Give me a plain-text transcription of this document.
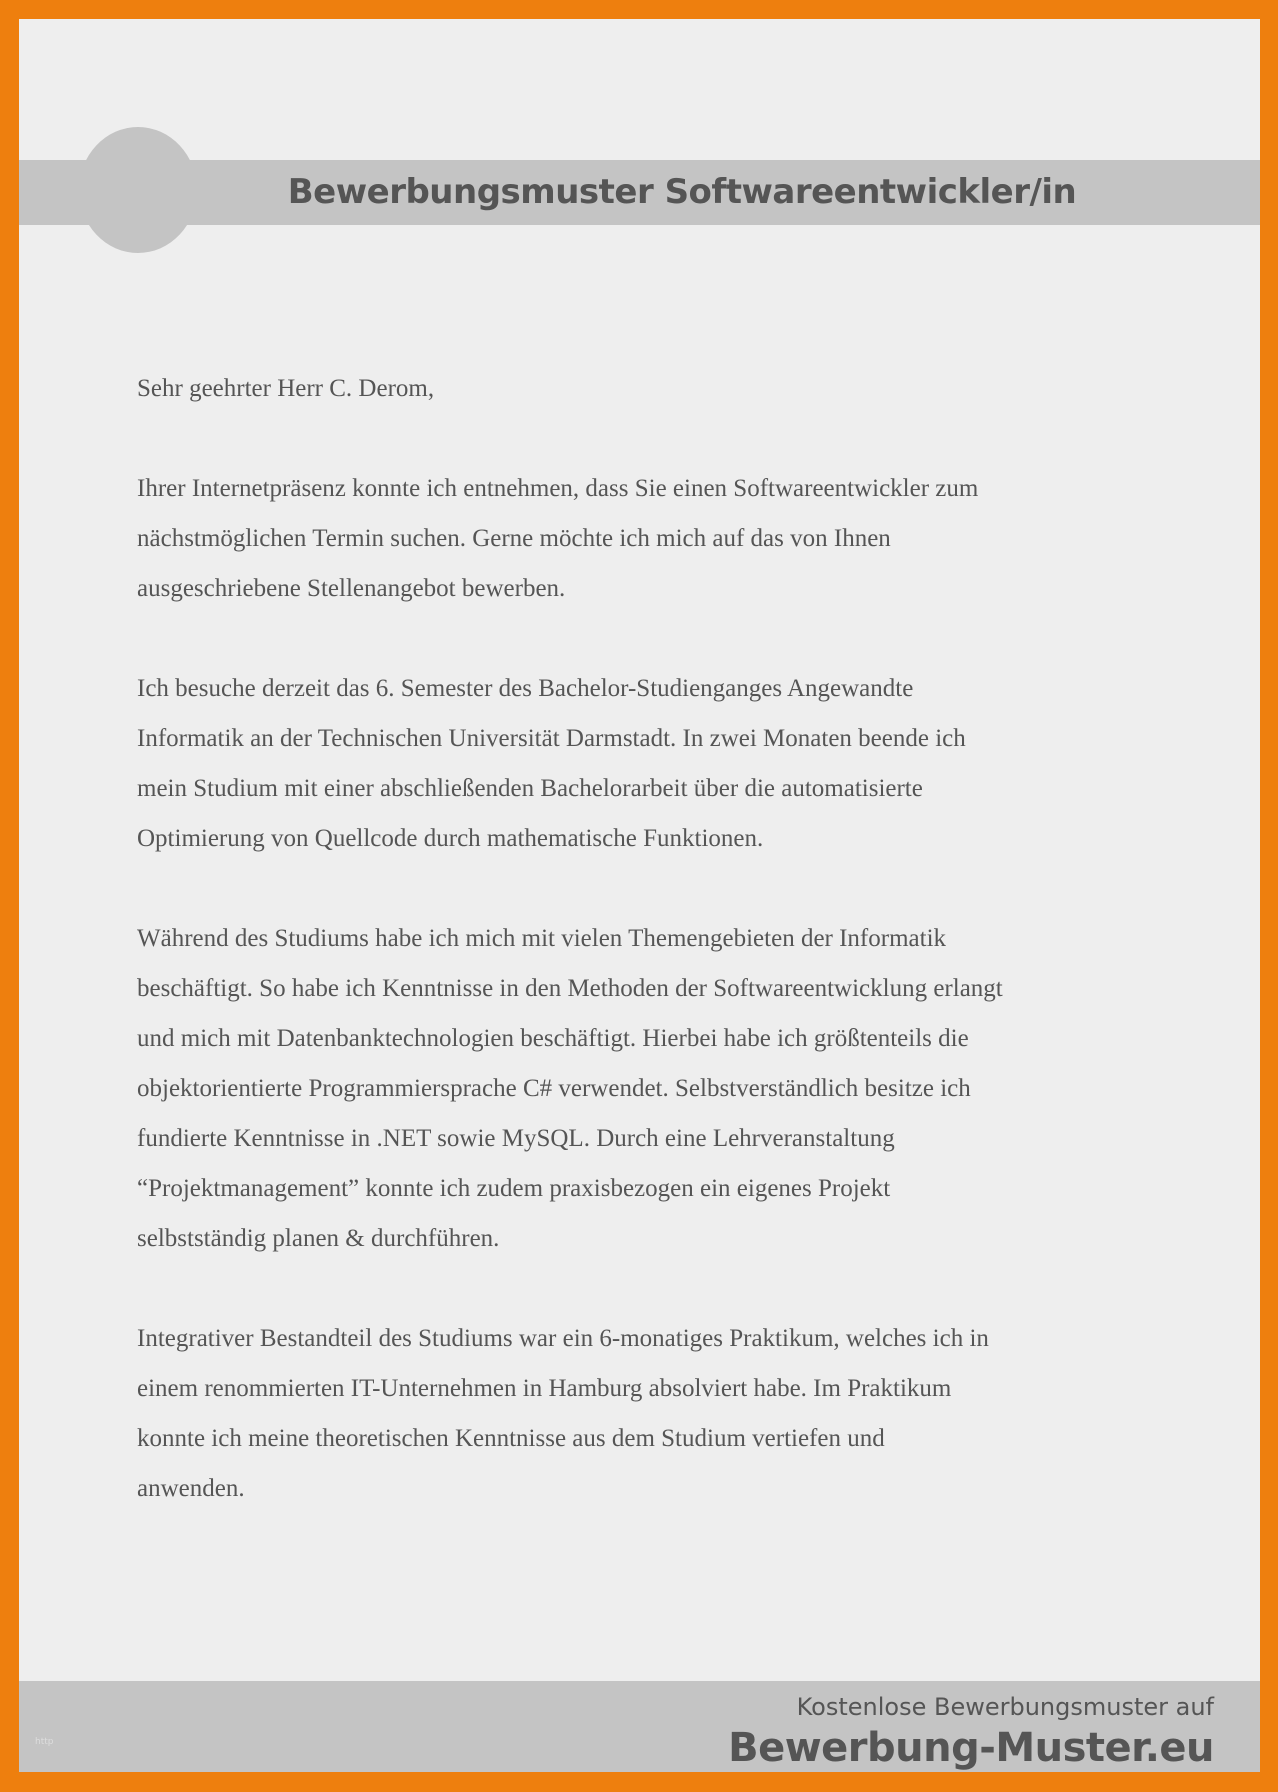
Bewerbungsmuster Softwareentwickler/in
Sehr geehrter Herr C. Derom,
Ihrer Internetpräsenz konnte ich entnehmen, dass Sie einen Softwareentwickler zum
nächstmöglichen Termin suchen. Gerne möchte ich mich auf das von Ihnen
ausgeschriebene Stellenangebot bewerben.
Ich besuche derzeit das 6. Semester des Bachelor-Studienganges Angewandte
Informatik an der Technischen Universität Darmstadt. In zwei Monaten beende ich
mein Studium mit einer abschließenden Bachelorarbeit über die automatisierte
Optimierung von Quellcode durch mathematische Funktionen.
Während des Studiums habe ich mich mit vielen Themengebieten der Informatik
beschäftigt. So habe ich Kenntnisse in den Methoden der Softwareentwicklung erlangt
und mich mit Datenbanktechnologien beschäftigt. Hierbei habe ich größtenteils die
objektorientierte Programmiersprache C# verwendet. Selbstverständlich besitze ich
fundierte Kenntnisse in .NET sowie MySQL. Durch eine Lehrveranstaltung
“Projektmanagement” konnte ich zudem praxisbezogen ein eigenes Projekt
selbstständig planen & durchführen.
Integrativer Bestandteil des Studiums war ein 6-monatiges Praktikum, welches ich in
einem renommierten IT-Unternehmen in Hamburg absolviert habe. Im Praktikum
konnte ich meine theoretischen Kenntnisse aus dem Studium vertiefen und
anwenden.
http
Kostenlose Bewerbungsmuster auf
Bewerbung-Muster.eu
